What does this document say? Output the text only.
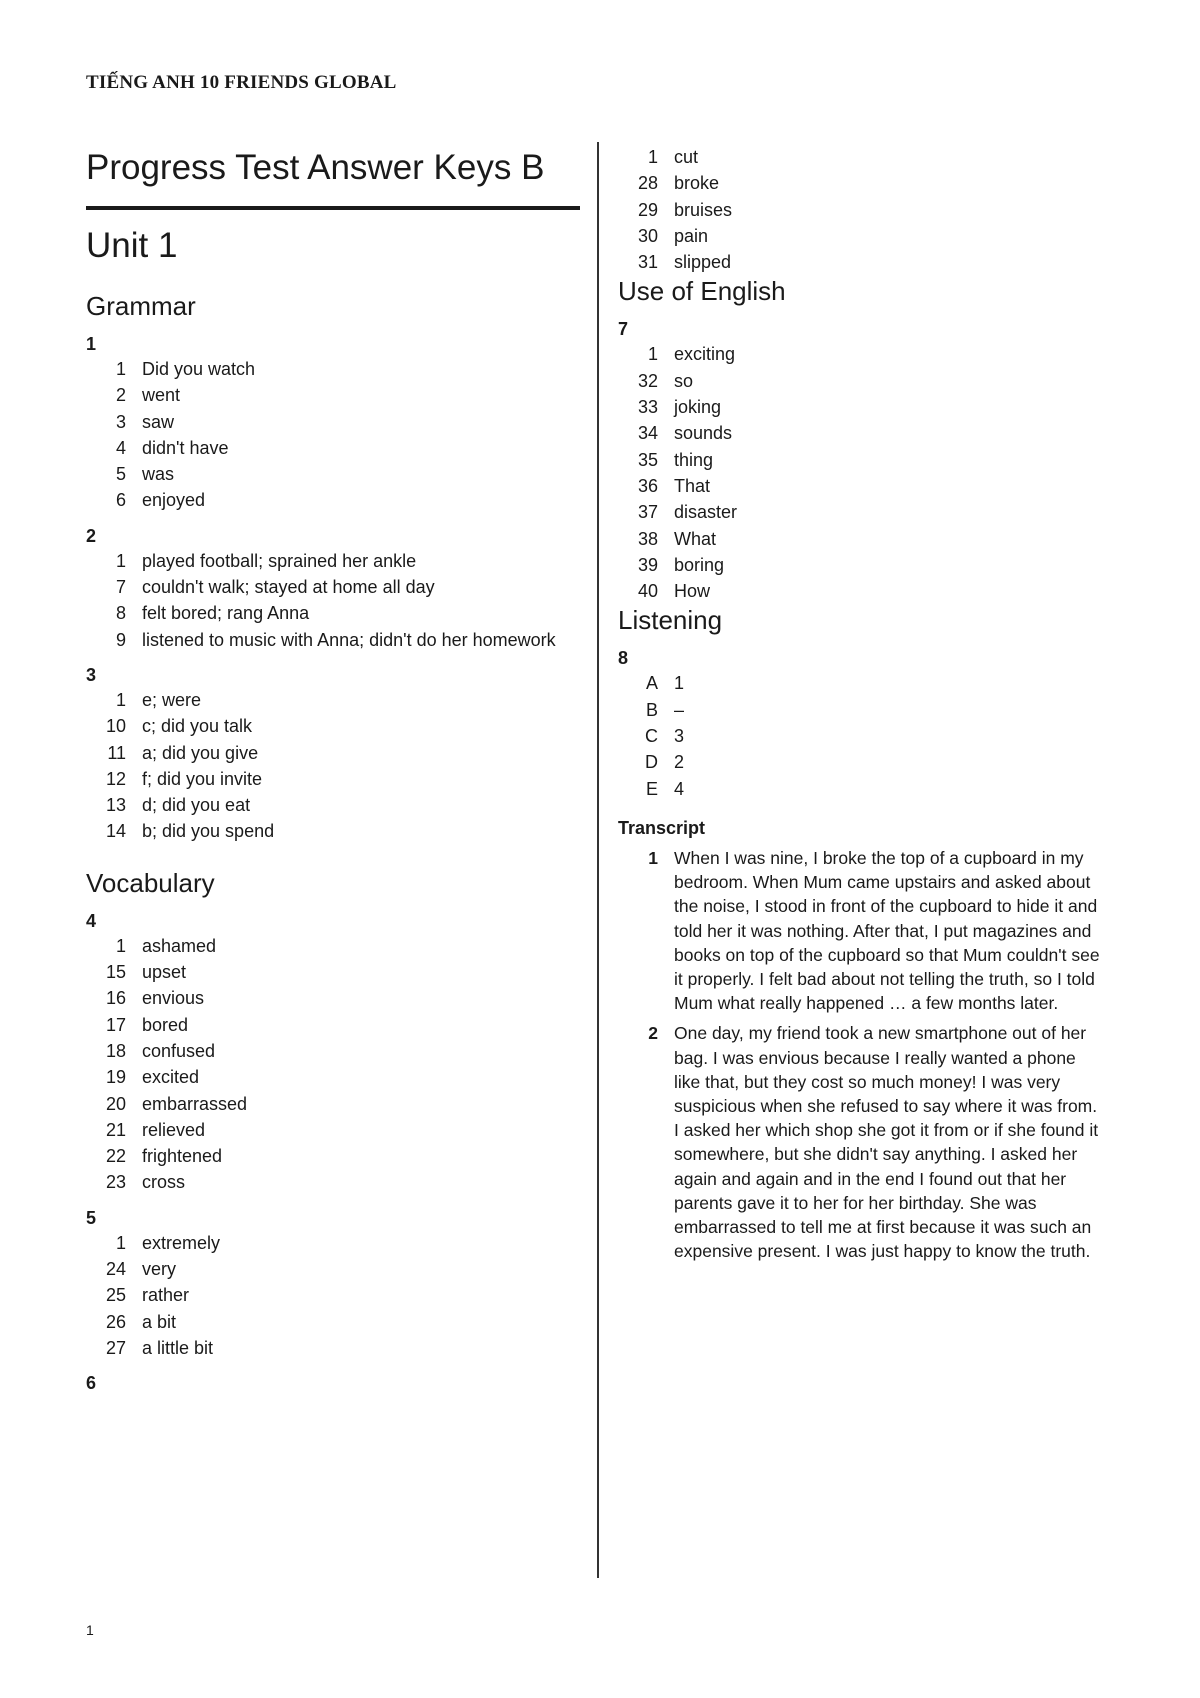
TIẾNG ANH 10 FRIENDS GLOBAL
Progress Test Answer Keys B
Unit 1
Grammar
1
1 Did you watch
2 went
3 saw
4 didn't have
5 was
6 enjoyed
2
1 played football; sprained her ankle
7 couldn't walk; stayed at home all day
8 felt bored; rang Anna
9 listened to music with Anna; didn't do her homework
3
1 e; were
10 c; did you talk
11 a; did you give
12 f; did you invite
13 d; did you eat
14 b; did you spend
Vocabulary
4
1 ashamed
15 upset
16 envious
17 bored
18 confused
19 excited
20 embarrassed
21 relieved
22 frightened
23 cross
5
1 extremely
24 very
25 rather
26 a bit
27 a little bit
6
1 cut
28 broke
29 bruises
30 pain
31 slipped
Use of English
7
1 exciting
32 so
33 joking
34 sounds
35 thing
36 That
37 disaster
38 What
39 boring
40 How
Listening
8
A 1
B –
C 3
D 2
E 4
Transcript
1 When I was nine, I broke the top of a cupboard in my bedroom. When Mum came upstairs and asked about the noise, I stood in front of the cupboard to hide it and told her it was nothing. After that, I put magazines and books on top of the cupboard so that Mum couldn't see it properly. I felt bad about not telling the truth, so I told Mum what really happened … a few months later.
2 One day, my friend took a new smartphone out of her bag. I was envious because I really wanted a phone like that, but they cost so much money! I was very suspicious when she refused to say where it was from. I asked her which shop she got it from or if she found it somewhere, but she didn't say anything. I asked her again and again and in the end I found out that her parents gave it to her for her birthday. She was embarrassed to tell me at first because it was such an expensive present. I was just happy to know the truth.
1
